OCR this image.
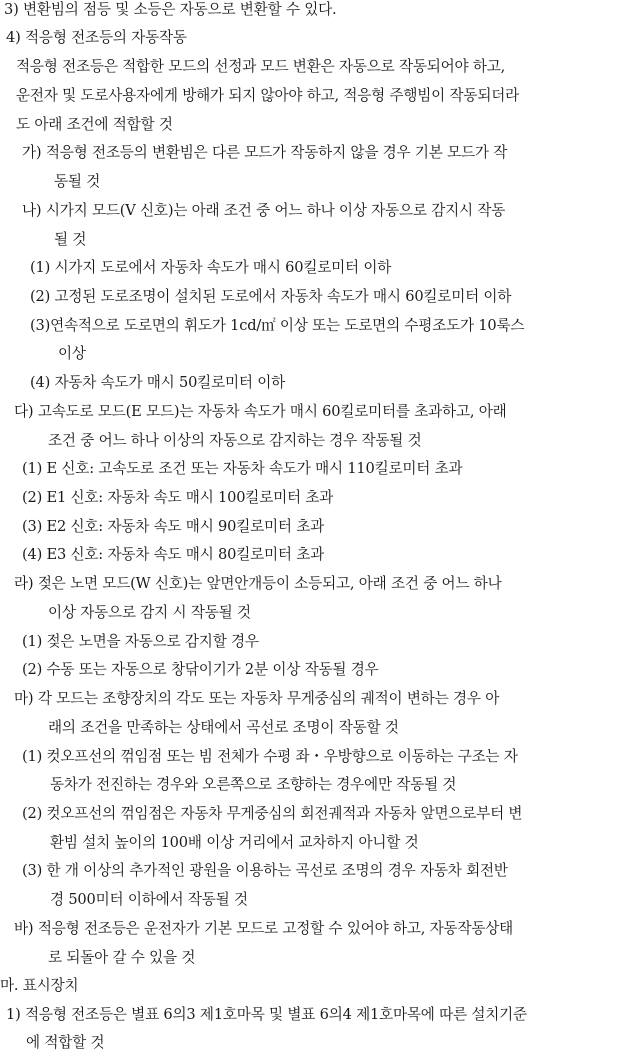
3) 변환빔의 점등 및 소등은 자동으로 변환할 수 있다.
4) 적응형 전조등의 자동작동
적응형 전조등은 적합한 모드의 선정과 모드 변환은 자동으로 작동되어야 하고,
운전자 및 도로사용자에게 방해가 되지 않아야 하고, 적응형 주행빔이 작동되더라
도 아래 조건에 적합할 것
가) 적응형 전조등의 변환빔은 다른 모드가 작동하지 않을 경우 기본 모드가 작
동될 것
나) 시가지 모드(V 신호)는 아래 조건 중 어느 하나 이상 자동으로 감지시 작동
될 것
(1) 시가지 도로에서 자동차 속도가 매시 60킬로미터 이하
(2) 고정된 도로조명이 설치된 도로에서 자동차 속도가 매시 60킬로미터 이하
(3)연속적으로 도로면의 휘도가 1cd/㎡ 이상 또는 도로면의 수평조도가 10룩스
이상
(4) 자동차 속도가 매시 50킬로미터 이하
다) 고속도로 모드(E 모드)는 자동차 속도가 매시 60킬로미터를 초과하고, 아래
조건 중 어느 하나 이상의 자동으로 감지하는 경우 작동될 것
(1) E 신호: 고속도로 조건 또는 자동차 속도가 매시 110킬로미터 초과
(2) E1 신호: 자동차 속도 매시 100킬로미터 초과
(3) E2 신호: 자동차 속도 매시 90킬로미터 초과
(4) E3 신호: 자동차 속도 매시 80킬로미터 초과
라) 젖은 노면 모드(W 신호)는 앞면안개등이 소등되고, 아래 조건 중 어느 하나
이상 자동으로 감지 시 작동될 것
(1) 젖은 노면을 자동으로 감지할 경우
(2) 수동 또는 자동으로 창닦이기가 2분 이상 작동될 경우
마) 각 모드는 조향장치의 각도 또는 자동차 무게중심의 궤적이 변하는 경우 아
래의 조건을 만족하는 상태에서 곡선로 조명이 작동할 것
(1) 컷오프선의 꺾임점 또는 빔 전체가 수평 좌・우방향으로 이동하는 구조는 자
동차가 전진하는 경우와 오른쪽으로 조향하는 경우에만 작동될 것
(2) 컷오프선의 꺾임점은 자동차 무게중심의 회전궤적과 자동차 앞면으로부터 변
환빔 설치 높이의 100배 이상 거리에서 교차하지 아니할 것
(3) 한 개 이상의 추가적인 광원을 이용하는 곡선로 조명의 경우 자동차 회전반
경 500미터 이하에서 작동될 것
바) 적응형 전조등은 운전자가 기본 모드로 고정할 수 있어야 하고, 자동작동상태
로 되돌아 갈 수 있을 것
마. 표시장치
1) 적응형 전조등은 별표 6의3 제1호마목 및 별표 6의4 제1호마목에 따른 설치기준
에 적합할 것
